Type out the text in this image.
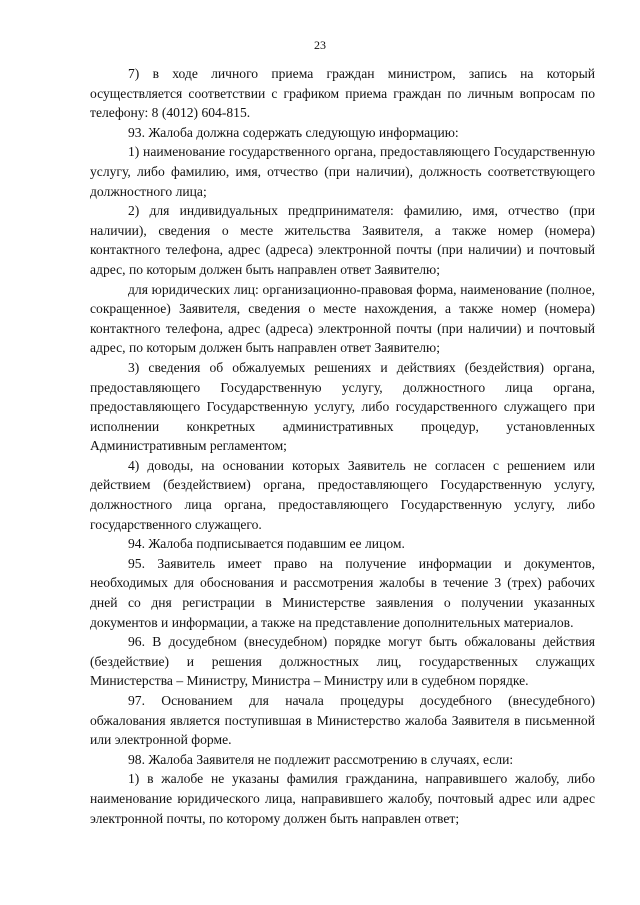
23

7) в ходе личного приема граждан министром, запись на который осуществляется соответствии с графиком приема граждан по личным вопросам по телефону: 8 (4012) 604-815.

93. Жалоба должна содержать следующую информацию:

1) наименование государственного органа, предоставляющего Государственную услугу, либо фамилию, имя, отчество (при наличии), должность соответствующего должностного лица;

2) для индивидуальных предпринимателя: фамилию, имя, отчество (при наличии), сведения о месте жительства Заявителя, а также номер (номера) контактного телефона, адрес (адреса) электронной почты (при наличии) и почтовый адрес, по которым должен быть направлен ответ Заявителю;

для юридических лиц: организационно-правовая форма, наименование (полное, сокращенное) Заявителя, сведения о месте нахождения, а также номер (номера) контактного телефона, адрес (адреса) электронной почты (при наличии) и почтовый адрес, по которым должен быть направлен ответ Заявителю;

3) сведения об обжалуемых решениях и действиях (бездействия) органа, предоставляющего Государственную услугу, должностного лица органа, предоставляющего Государственную услугу, либо государственного служащего при исполнении конкретных административных процедур, установленных Административным регламентом;

4) доводы, на основании которых Заявитель не согласен с решением или действием (бездействием) органа, предоставляющего Государственную услугу, должностного лица органа, предоставляющего Государственную услугу, либо государственного служащего.

94. Жалоба подписывается подавшим ее лицом.

95. Заявитель имеет право на получение информации и документов, необходимых для обоснования и рассмотрения жалобы в течение 3 (трех) рабочих дней со дня регистрации в Министерстве заявления о получении указанных документов и информации, а также на представление дополнительных материалов.

96. В досудебном (внесудебном) порядке могут быть обжалованы действия (бездействие) и решения должностных лиц, государственных служащих Министерства – Министру, Министра – Министру или в судебном порядке.

97. Основанием для начала процедуры досудебного (внесудебного) обжалования является поступившая в Министерство жалоба Заявителя в письменной или электронной форме.

98. Жалоба Заявителя не подлежит рассмотрению в случаях, если:

1) в жалобе не указаны фамилия гражданина, направившего жалобу, либо наименование юридического лица, направившего жалобу, почтовый адрес или адрес электронной почты, по которому должен быть направлен ответ;
